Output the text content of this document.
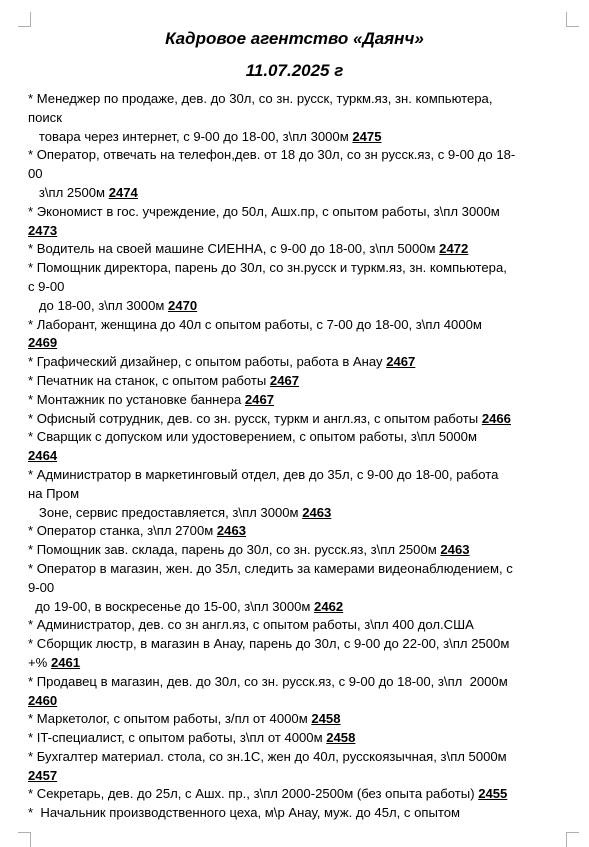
Кадровое агентство «Даянч»
11.07.2025 г
* Менеджер по продаже, дев. до 30л, со зн. русск, туркм.яз, зн. компьютера,
поиск
товара через интернет, с 9-00 до 18-00, з\пл 3000м 2475
* Оператор, отвечать на телефон,дев. от 18 до 30л, со зн русск.яз, с 9-00 до 18-
00
з\пл 2500м 2474
* Экономист в гос. учреждение, до 50л, Ашх.пр, с опытом работы, з\пл 3000м
2473
* Водитель на своей машине СИЕННА, с 9-00 до 18-00, з\пл 5000м 2472
* Помощник директора, парень до 30л, со зн.русск и туркм.яз, зн. компьютера,
с 9-00
до 18-00, з\пл 3000м 2470
* Лаборант, женщина до 40л с опытом работы, с 7-00 до 18-00, з\пл 4000м
2469
* Графический дизайнер, с опытом работы, работа в Анау 2467
* Печатник на станок, с опытом работы 2467
* Монтажник по установке баннера 2467
* Офисный сотрудник, дев. со зн. русск, туркм и англ.яз, с опытом работы 2466
* Сварщик с допуском или удостоверением, с опытом работы, з\пл 5000м
2464
* Администратор в маркетинговый отдел, дев до 35л, с 9-00 до 18-00, работа
на Пром
Зоне, сервис предоставляется, з\пл 3000м 2463
* Оператор станка, з\пл 2700м 2463
* Помощник зав. склада, парень до 30л, со зн. русск.яз, з\пл 2500м 2463
* Оператор в магазин, жен. до 35л, следить за камерами видеонаблюдением, с
9-00
до 19-00, в воскресенье до 15-00, з\пл 3000м 2462
* Администратор, дев. со зн англ.яз, с опытом работы, з\пл 400 дол.США
* Сборщик люстр, в магазин в Анау, парень до 30л, с 9-00 до 22-00, з\пл 2500м
+% 2461
* Продавец в магазин, дев. до 30л, со зн. русск.яз, с 9-00 до 18-00, з\пл  2000м
2460
* Маркетолог, с опытом работы, з/пл от 4000м 2458
* IT-специалист, с опытом работы, з\пл от 4000м 2458
* Бухгалтер материал. стола, со зн.1С, жен до 40л, русскоязычная, з\пл 5000м
2457
* Секретарь, дев. до 25л, с Ашх. пр., з\пл 2000-2500м (без опыта работы) 2455
*  Начальник производственного цеха, м\р Анау, муж. до 45л, с опытом
